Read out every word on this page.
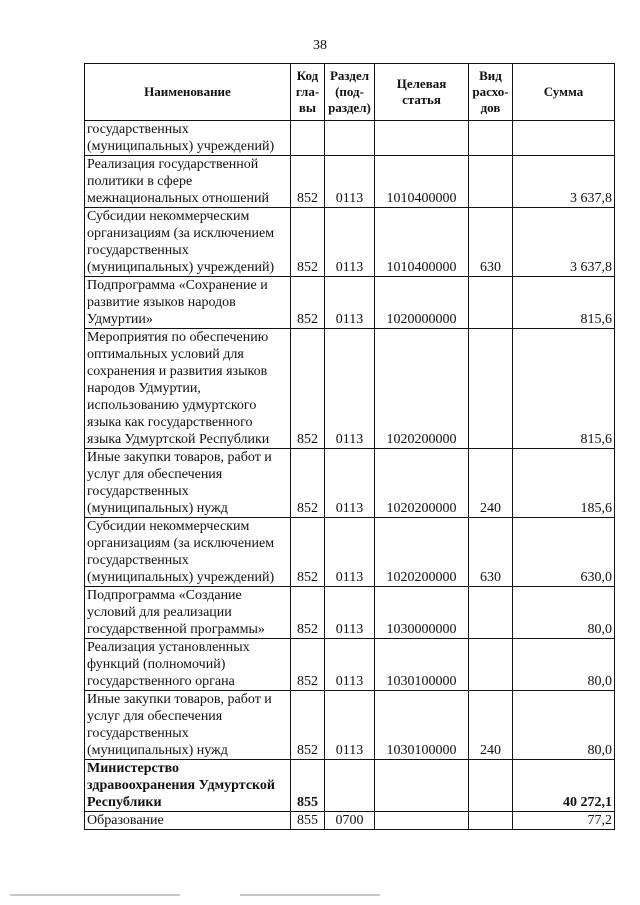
38
Наименование	Код гла- вы	Раздел (под- раздел)	Целевая статья	Вид расхо- дов	Сумма
государственных (муниципальных) учреждений)					
Реализация государственной политики в сфере межнациональных отношений	852	0113	1010400000		3 637,8
Субсидии некоммерческим организациям (за исключением государственных (муниципальных) учреждений)	852	0113	1010400000	630	3 637,8
Подпрограмма «Сохранение и развитие языков народов Удмуртии»	852	0113	1020000000		815,6
Мероприятия по обеспечению оптимальных условий для сохранения и развития языков народов Удмуртии, использованию удмуртского языка как государственного языка Удмуртской Республики	852	0113	1020200000		815,6
Иные закупки товаров, работ и услуг для обеспечения государственных (муниципальных) нужд	852	0113	1020200000	240	185,6
Субсидии некоммерческим организациям (за исключением государственных (муниципальных) учреждений)	852	0113	1020200000	630	630,0
Подпрограмма «Создание условий для реализации государственной программы»	852	0113	1030000000		80,0
Реализация установленных функций (полномочий) государственного органа	852	0113	1030100000		80,0
Иные закупки товаров, работ и услуг для обеспечения государственных (муниципальных) нужд	852	0113	1030100000	240	80,0
Министерство здравоохранения Удмуртской Республики	855				40 272,1
Образование	855	0700			77,2
